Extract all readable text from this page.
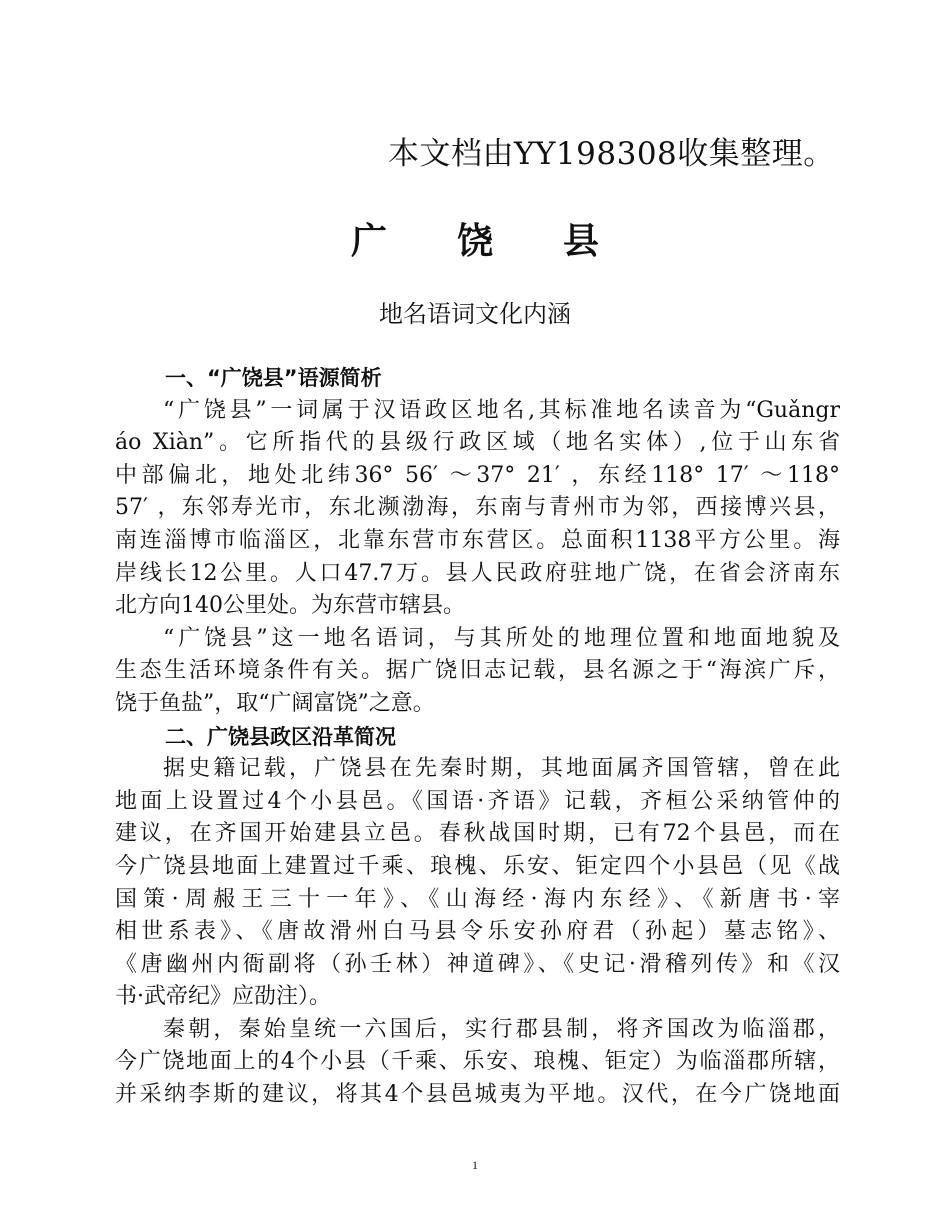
本文档由YY198308收集整理。
广 饶 县
地名语词文化内涵
一、“广饶县”语源简析
“广饶县”一词属于汉语政区地名,其标准地名读音为“Guǎngr
áo Xiàn”。它所指代的县级行政区域（地名实体）,位于山东省
中部偏北，地处北纬36° 56′ ～37° 21′ ，东经118° 17′ ～118°
57′ ，东邻寿光市，东北濒渤海，东南与青州市为邻，西接博兴县，
南连淄博市临淄区，北靠东营市东营区。总面积1138平方公里。海
岸线长12公里。人口47.7万。县人民政府驻地广饶，在省会济南东
北方向140公里处。为东营市辖县。
“广饶县”这一地名语词，与其所处的地理位置和地面地貌及
生态生活环境条件有关。据广饶旧志记载，县名源之于“海滨广斥，
饶于鱼盐”，取“广阔富饶”之意。
二、广饶县政区沿革简况
据史籍记载，广饶县在先秦时期，其地面属齐国管辖，曾在此
地面上设置过4个小县邑。《国语·齐语》记载，齐桓公采纳管仲的
建议，在齐国开始建县立邑。春秋战国时期，已有72个县邑，而在
今广饶县地面上建置过千乘、琅槐、乐安、钜定四个小县邑（见《战
国策·周赧王三十一年》、《山海经·海内东经》、《新唐书·宰
相世系表》、《唐故滑州白马县令乐安孙府君（孙起）墓志铭》、
《唐幽州内衙副将（孙壬林）神道碑》、《史记·滑稽列传》和《汉
书·武帝纪》应劭注）。
秦朝，秦始皇统一六国后，实行郡县制，将齐国改为临淄郡，
今广饶地面上的4个小县（千乘、乐安、琅槐、钜定）为临淄郡所辖，
并采纳李斯的建议，将其4个县邑城夷为平地。汉代，在今广饶地面
1
